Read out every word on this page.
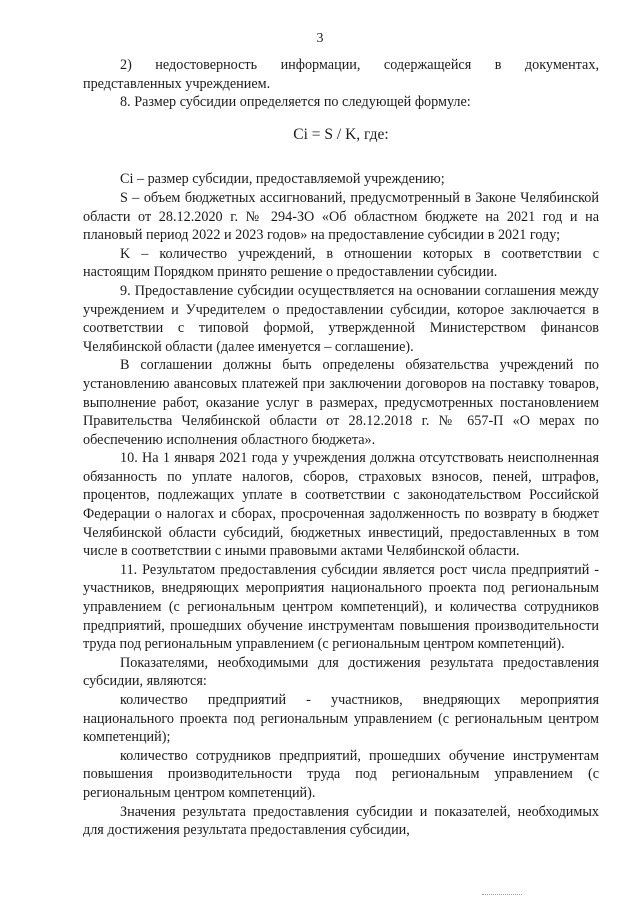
3

2) недостоверность информации, содержащейся в документах, представленных учреждением.

8. Размер субсидии определяется по следующей формуле:

Ci = S / K, где:

Ci – размер субсидии, предоставляемой учреждению;

S – объем бюджетных ассигнований, предусмотренный в Законе Челябинской области от 28.12.2020 г. № 294-ЗО «Об областном бюджете на 2021 год и на плановый период 2022 и 2023 годов» на предоставление субсидии в 2021 году;

K – количество учреждений, в отношении которых в соответствии с настоящим Порядком принято решение о предоставлении субсидии.

9. Предоставление субсидии осуществляется на основании соглашения между учреждением и Учредителем о предоставлении субсидии, которое заключается в соответствии с типовой формой, утвержденной Министерством финансов Челябинской области (далее именуется – соглашение).

В соглашении должны быть определены обязательства учреждений по установлению авансовых платежей при заключении договоров на поставку товаров, выполнение работ, оказание услуг в размерах, предусмотренных постановлением Правительства Челябинской области от 28.12.2018 г. № 657-П «О мерах по обеспечению исполнения областного бюджета».

10. На 1 января 2021 года у учреждения должна отсутствовать неисполненная обязанность по уплате налогов, сборов, страховых взносов, пеней, штрафов, процентов, подлежащих уплате в соответствии с законодательством Российской Федерации о налогах и сборах, просроченная задолженность по возврату в бюджет Челябинской области субсидий, бюджетных инвестиций, предоставленных в том числе в соответствии с иными правовыми актами Челябинской области.

11. Результатом предоставления субсидии является рост числа предприятий - участников, внедряющих мероприятия национального проекта под региональным управлением (с региональным центром компетенций), и количества сотрудников предприятий, прошедших обучение инструментам повышения производительности труда под региональным управлением (с региональным центром компетенций).

Показателями, необходимыми для достижения результата предоставления субсидии, являются:

количество предприятий - участников, внедряющих мероприятия национального проекта под региональным управлением (с региональным центром компетенций);

количество сотрудников предприятий, прошедших обучение инструментам повышения производительности труда под региональным управлением (с региональным центром компетенций).

Значения результата предоставления субсидии и показателей, необходимых для достижения результата предоставления субсидии,
